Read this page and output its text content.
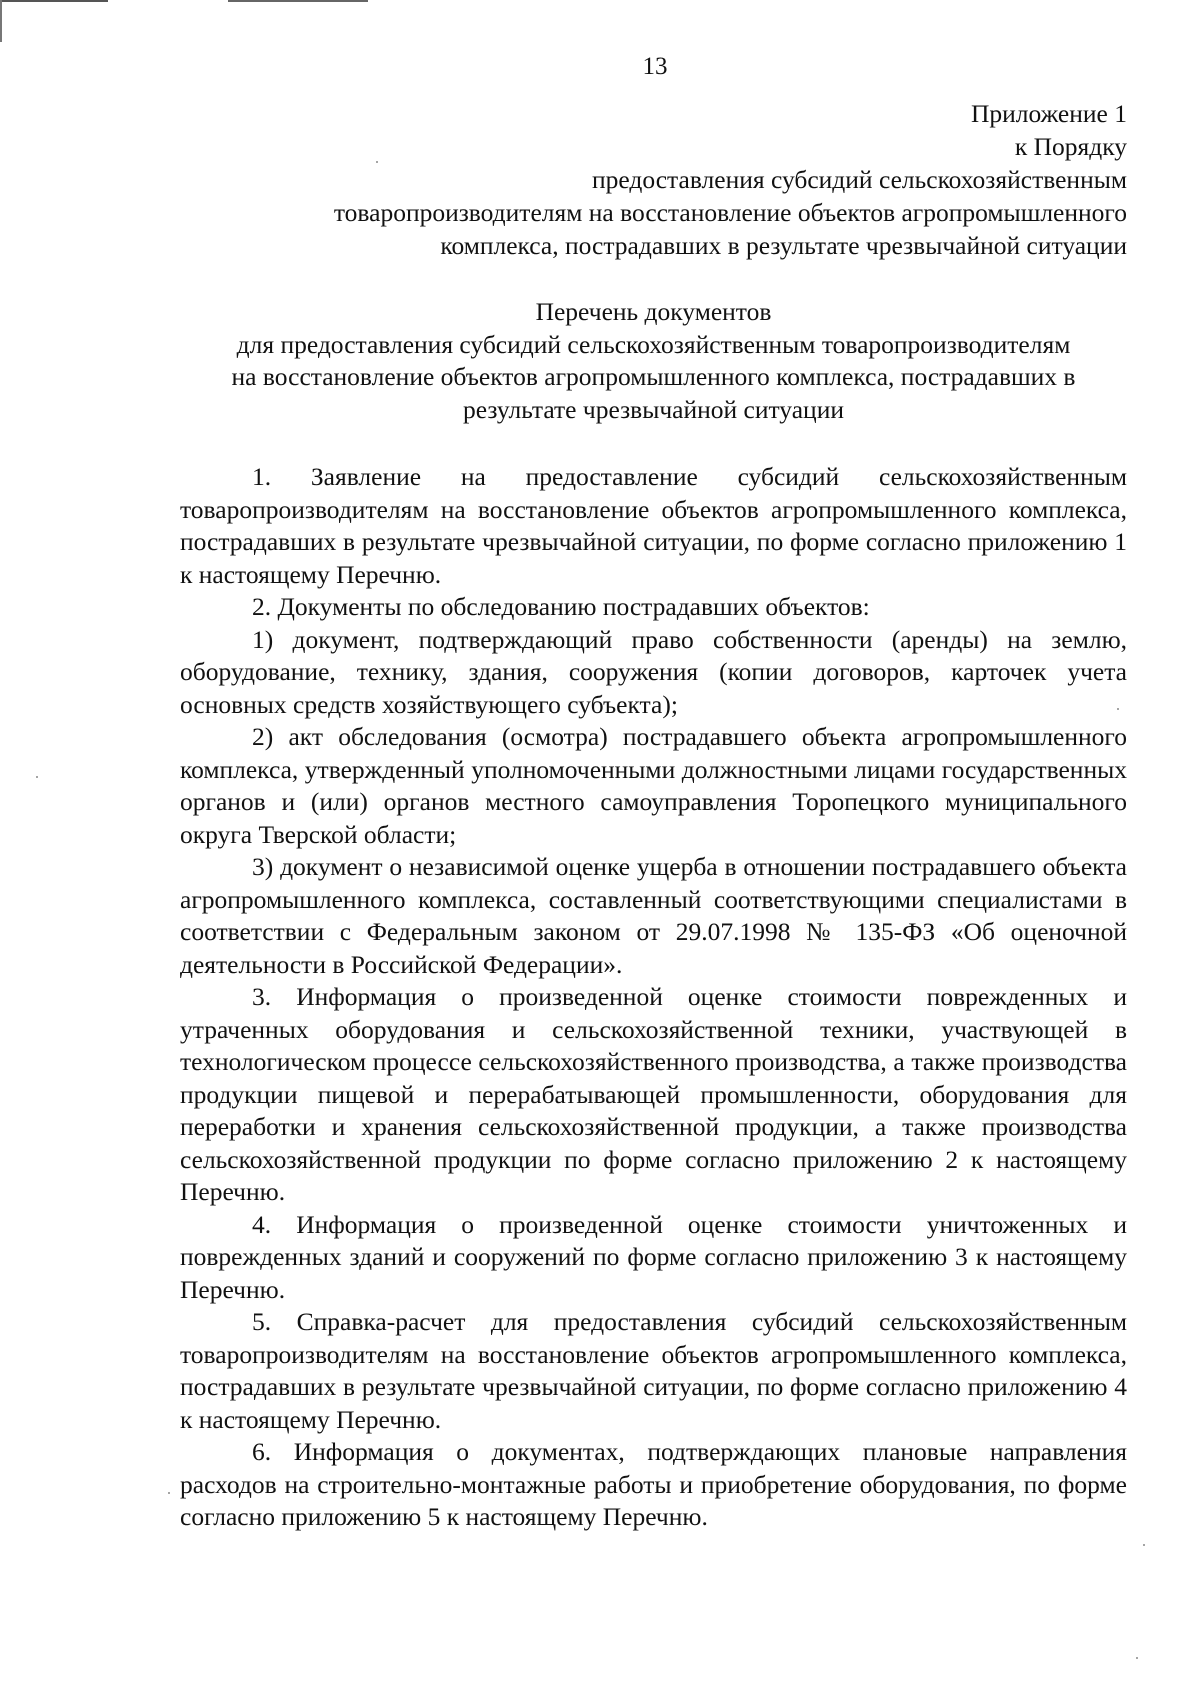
13
Приложение 1
к Порядку
предоставления субсидий сельскохозяйственным
товаропроизводителям на восстановление объектов агропромышленного
комплекса, пострадавших в результате чрезвычайной ситуации
Перечень документов
для предоставления субсидий сельскохозяйственным товаропроизводителям
на восстановление объектов агропромышленного комплекса, пострадавших в
результате чрезвычайной ситуации

1. Заявление на предоставление субсидий сельскохозяйственным товаропроизводителям на восстановление объектов агропромышленного комплекса, пострадавших в результате чрезвычайной ситуации, по форме согласно приложению 1 к настоящему Перечню.

2. Документы по обследованию пострадавших объектов:

1) документ, подтверждающий право собственности (аренды) на землю, оборудование, технику, здания, сооружения (копии договоров, карточек учета основных средств хозяйствующего субъекта);

2) акт обследования (осмотра) пострадавшего объекта агропромышленного комплекса, утвержденный уполномоченными должностными лицами государственных органов и (или) органов местного самоуправления Торопецкого муниципального округа Тверской области;

3) документ о независимой оценке ущерба в отношении пострадавшего объекта агропромышленного комплекса, составленный соответствующими специалистами в соответствии с Федеральным законом от 29.07.1998 № 135-ФЗ «Об оценочной деятельности в Российской Федерации».

3. Информация о произведенной оценке стоимости поврежденных и утраченных оборудования и сельскохозяйственной техники, участвующей в технологическом процессе сельскохозяйственного производства, а также производства продукции пищевой и перерабатывающей промышленности, оборудования для переработки и хранения сельскохозяйственной продукции, а также производства сельскохозяйственной продукции по форме согласно приложению 2 к настоящему Перечню.

4. Информация о произведенной оценке стоимости уничтоженных и поврежденных зданий и сооружений по форме согласно приложению 3 к настоящему Перечню.

5. Справка-расчет для предоставления субсидий сельскохозяйственным товаропроизводителям на восстановление объектов агропромышленного комплекса, пострадавших в результате чрезвычайной ситуации, по форме согласно приложению 4 к настоящему Перечню.

6. Информация о документах, подтверждающих плановые направления расходов на строительно-монтажные работы и приобретение оборудования, по форме согласно приложению 5 к настоящему Перечню.
